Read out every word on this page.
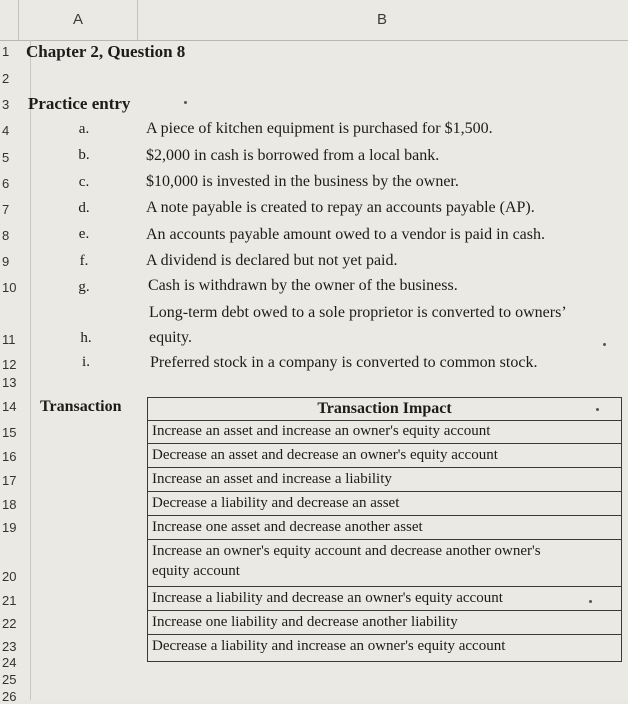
A	B
1
2
3
4
5
6
7
8
9
10
11
12
13
14
15
16
17
18
19
20
21
22
23
24
25
26
Chapter 2, Question 8
Practice entry
a.	A piece of kitchen equipment is purchased for $1,500.
b.	$2,000 in cash is borrowed from a local bank.
c.	$10,000 is invested in the business by the owner.
d.	A note payable is created to repay an accounts payable (AP).
e.	An accounts payable amount owed to a vendor is paid in cash.
f.	A dividend is declared but not yet paid.
g.	Cash is withdrawn by the owner of the business.
Long-term debt owed to a sole proprietor is converted to owners’
h.	equity.
i.	Preferred stock in a company is converted to common stock.
Transaction	Transaction Impact
Increase an asset and increase an owner's equity account
Decrease an asset and decrease an owner's equity account
Increase an asset and increase a liability
Decrease a liability and decrease an asset
Increase one asset and decrease another asset
Increase an owner's equity account and decrease another owner's
equity account
Increase a liability and decrease an owner's equity account
Increase one liability and decrease another liability
Decrease a liability and increase an owner's equity account
